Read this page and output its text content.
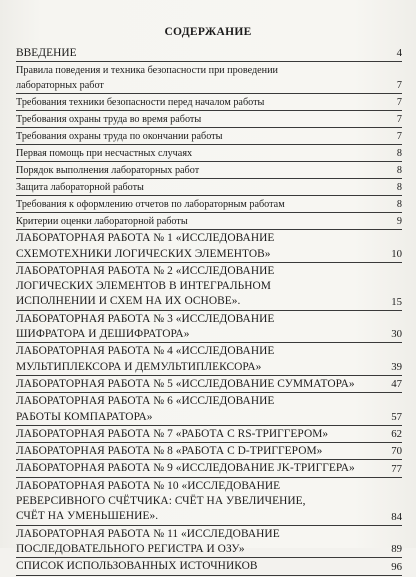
СОДЕРЖАНИЕ
ВВЕДЕНИЕ	4
Правила поведения и техника безопасности при проведении
лабораторных работ	7
Требования техники безопасности перед началом работы	7
Требования охраны труда во время работы	7
Требования охраны труда по окончании работы	7
Первая помощь при несчастных случаях	8
Порядок выполнения лабораторных работ	8
Защита лабораторной работы	8
Требования к оформлению отчетов по лабораторным работам	8
Критерии оценки лабораторной работы	9
ЛАБОРАТОРНАЯ РАБОТА № 1 «ИССЛЕДОВАНИЕ
СХЕМОТЕХНИКИ ЛОГИЧЕСКИХ ЭЛЕМЕНТОВ»	10
ЛАБОРАТОРНАЯ РАБОТА № 2 «ИССЛЕДОВАНИЕ
ЛОГИЧЕСКИХ ЭЛЕМЕНТОВ В ИНТЕГРАЛЬНОМ
ИСПОЛНЕНИИ И СХЕМ НА ИХ ОСНОВЕ».	15
ЛАБОРАТОРНАЯ РАБОТА № 3 «ИССЛЕДОВАНИЕ
ШИФРАТОРА И ДЕШИФРАТОРА»	30
ЛАБОРАТОРНАЯ РАБОТА № 4 «ИССЛЕДОВАНИЕ
МУЛЬТИПЛЕКСОРА И ДЕМУЛЬТИПЛЕКСОРА»	39
ЛАБОРАТОРНАЯ РАБОТА № 5 «ИССЛЕДОВАНИЕ СУММАТОРА»	47
ЛАБОРАТОРНАЯ РАБОТА № 6 «ИССЛЕДОВАНИЕ
РАБОТЫ КОМПАРАТОРА»	57
ЛАБОРАТОРНАЯ РАБОТА № 7 «РАБОТА С RS-ТРИГГЕРОМ»	62
ЛАБОРАТОРНАЯ РАБОТА № 8 «РАБОТА С D-ТРИГГЕРОМ»	70
ЛАБОРАТОРНАЯ РАБОТА № 9 «ИССЛЕДОВАНИЕ JK-ТРИГГЕРА»	77
ЛАБОРАТОРНАЯ РАБОТА № 10 «ИССЛЕДОВАНИЕ
РЕВЕРСИВНОГО СЧЁТЧИКА: СЧЁТ НА УВЕЛИЧЕНИЕ,
СЧЁТ НА УМЕНЬШЕНИЕ».	84
ЛАБОРАТОРНАЯ РАБОТА № 11 «ИССЛЕДОВАНИЕ
ПОСЛЕДОВАТЕЛЬНОГО РЕГИСТРА И ОЗУ»	89
СПИСОК ИСПОЛЬЗОВАННЫХ ИСТОЧНИКОВ	96
